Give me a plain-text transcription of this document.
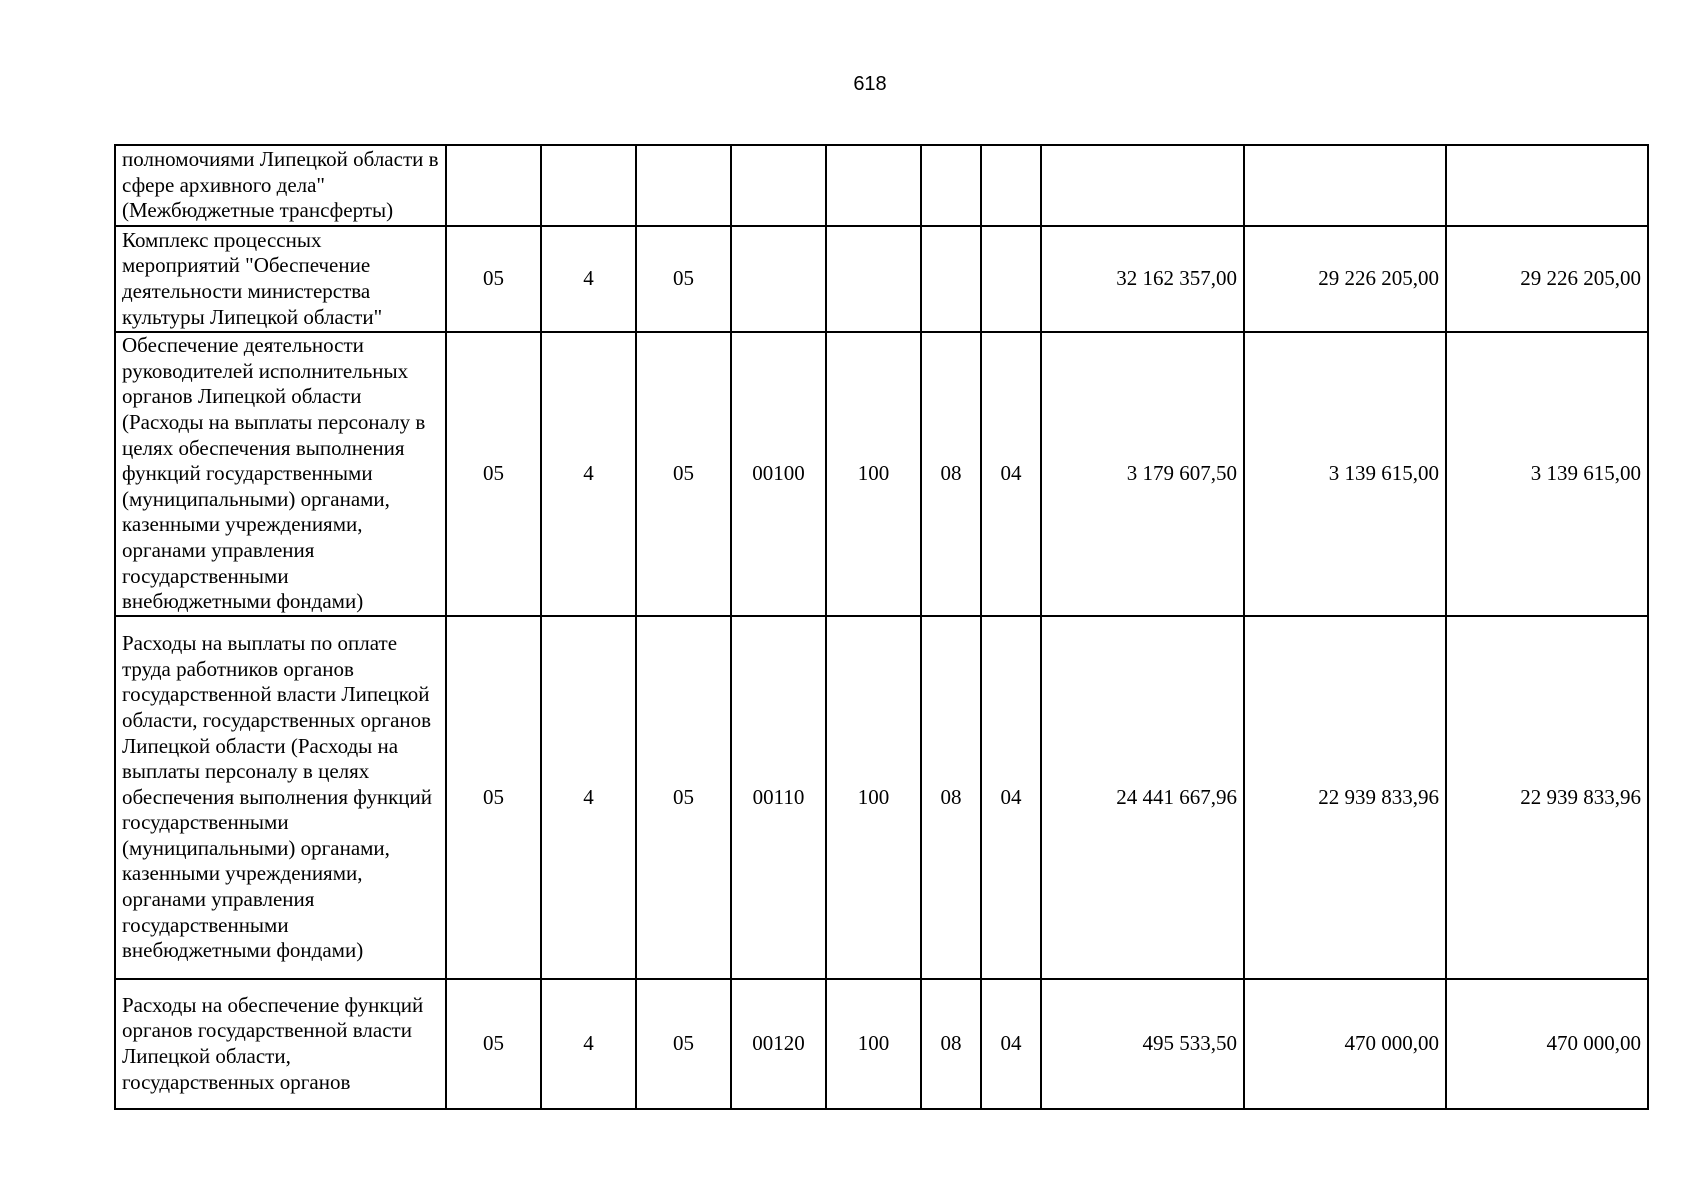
618
полномочиями Липецкой области в сфере архивного дела" (Межбюджетные трансферты)										
Комплекс процессных мероприятий "Обеспечение деятельности министерства культуры Липецкой области"	05	4	05					32 162 357,00	29 226 205,00	29 226 205,00
Обеспечение деятельности руководителей исполнительных органов Липецкой области (Расходы на выплаты персоналу в целях обеспечения выполнения функций государственными (муниципальными) органами, казенными учреждениями, органами управления государственными внебюджетными фондами)	05	4	05	00100	100	08	04	3 179 607,50	3 139 615,00	3 139 615,00
Расходы на выплаты по оплате труда работников органов государственной власти Липецкой области, государственных органов Липецкой области (Расходы на выплаты персоналу в целях обеспечения выполнения функций государственными (муниципальными) органами, казенными учреждениями, органами управления государственными внебюджетными фондами)	05	4	05	00110	100	08	04	24 441 667,96	22 939 833,96	22 939 833,96
Расходы на обеспечение функций органов государственной власти Липецкой области, государственных органов	05	4	05	00120	100	08	04	495 533,50	470 000,00	470 000,00
